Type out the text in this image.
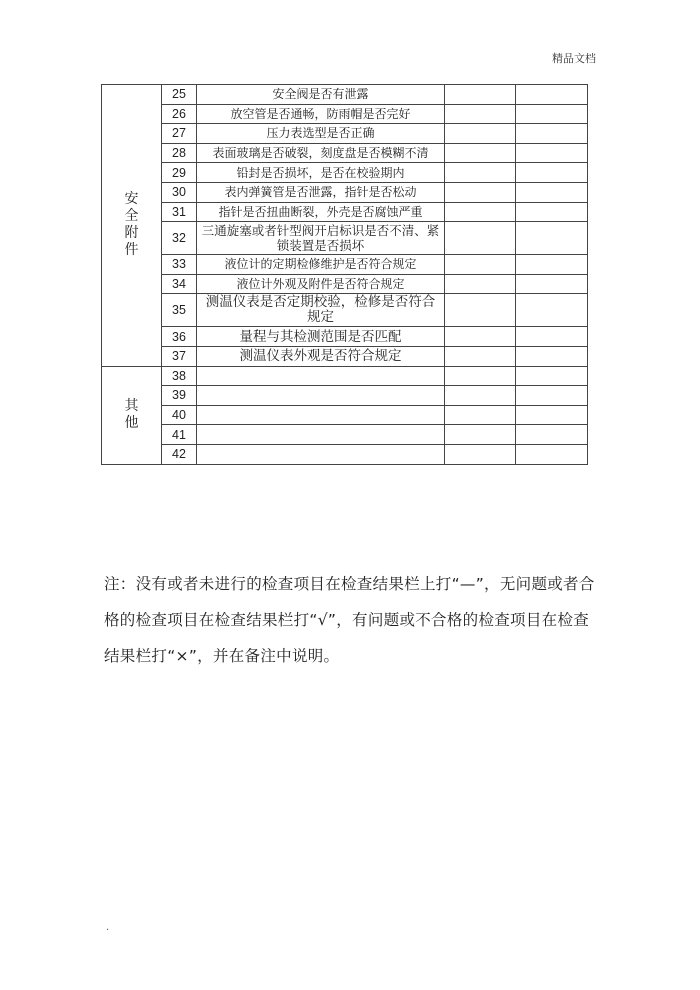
精品文档
安全附件	25	安全阀是否有泄露		
	26	放空管是否通畅，防雨帽是否完好		
	27	压力表选型是否正确		
	28	表面玻璃是否破裂，刻度盘是否模糊不清		
	29	铅封是否损坏，是否在校验期内		
	30	表内弹簧管是否泄露，指针是否松动		
	31	指针是否扭曲断裂，外壳是否腐蚀严重		
	32	三通旋塞或者针型阀开启标识是否不清、紧锁装置是否损坏		
	33	液位计的定期检修维护是否符合规定		
	34	液位计外观及附件是否符合规定		
	35	测温仪表是否定期校验，检修是否符合规定		
	36	量程与其检测范围是否匹配		
	37	测温仪表外观是否符合规定		
其他	38			
	39			
	40			
	41			
	42			
注：没有或者未进行的检查项目在检查结果栏上打“—”，无问题或者合格的检查项目在检查结果栏打“√”，有问题或不合格的检查项目在检查结果栏打“×”，并在备注中说明。
.
